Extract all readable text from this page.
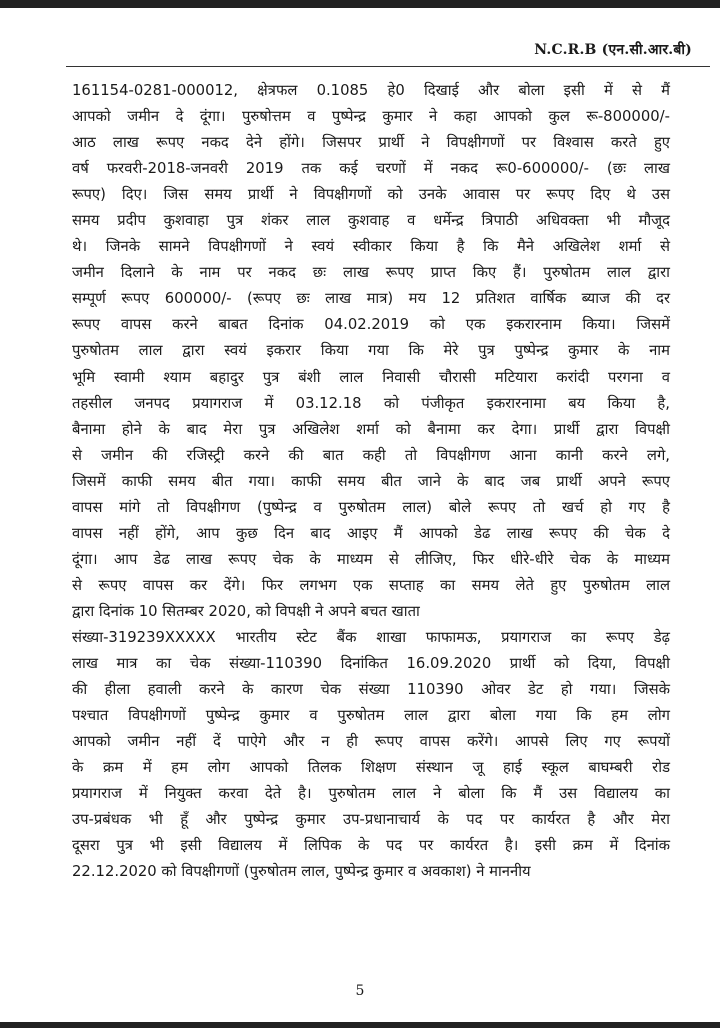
N.C.R.B (एन.सी.आर.बी)
161154-0281-000012, क्षेत्रफल 0.1085 हे0 दिखाई और बोला इसी में से मैं
आपको जमीन दे दूंगा। पुरुषोत्तम व पुष्पेन्द्र कुमार ने कहा आपको कुल रू-800000/-
आठ लाख रूपए नकद देने होंगे। जिसपर प्रार्थी ने विपक्षीगणों पर विश्वास करते हुए
वर्ष फरवरी-2018-जनवरी 2019 तक कई चरणों में नकद रू0-600000/- (छः लाख
रूपए) दिए। जिस समय प्रार्थी ने विपक्षीगणों को उनके आवास पर रूपए दिए थे उस
समय प्रदीप कुशवाहा पुत्र शंकर लाल कुशवाह व धर्मेन्द्र त्रिपाठी अधिवक्ता भी मौजूद
थे। जिनके सामने विपक्षीगणों ने स्वयं स्वीकार किया है कि मैने अखिलेश शर्मा से
जमीन दिलाने के नाम पर नकद छः लाख रूपए प्राप्त किए हैं। पुरुषोतम लाल द्वारा
सम्पूर्ण रूपए 600000/- (रूपए छः लाख मात्र) मय 12 प्रतिशत वार्षिक ब्याज की दर
रूपए वापस करने बाबत दिनांक 04.02.2019 को एक इकरारनाम किया। जिसमें
पुरुषोतम लाल द्वारा स्वयं इकरार किया गया कि मेरे पुत्र पुष्पेन्द्र कुमार के नाम
भूमि स्वामी श्याम बहादुर पुत्र बंशी लाल निवासी चौरासी मटियारा करांदी परगना व
तहसील जनपद प्रयागराज में 03.12.18 को पंजीकृत इकरारनामा बय किया है,
बैनामा होने के बाद मेरा पुत्र अखिलेश शर्मा को बैनामा कर देगा। प्रार्थी द्वारा विपक्षी
से जमीन की रजिस्ट्री करने की बात कही तो विपक्षीगण आना कानी करने लगे,
जिसमें काफी समय बीत गया। काफी समय बीत जाने के बाद जब प्रार्थी अपने रूपए
वापस मांगे तो विपक्षीगण (पुष्पेन्द्र व पुरुषोतम लाल) बोले रूपए तो खर्च हो गए है
वापस नहीं होंगे, आप कुछ दिन बाद आइए मैं आपको डेढ लाख रूपए की चेक दे
दूंगा। आप डेढ लाख रूपए चेक के माध्यम से लीजिए, फिर धीरे-धीरे चेक के माध्यम
से रूपए वापस कर देंगे। फिर लगभग एक सप्ताह का समय लेते हुए पुरुषोतम लाल
द्वारा दिनांक 10 सितम्बर 2020, को विपक्षी ने अपने बचत खाता
संख्या-319239XXXXX भारतीय स्टेट बैंक शाखा फाफामऊ, प्रयागराज का रूपए डेढ़
लाख मात्र का चेक संख्या-110390 दिनांकित 16.09.2020 प्रार्थी को दिया, विपक्षी
की हीला हवाली करने के कारण चेक संख्या 110390 ओवर डेट हो गया। जिसके
पश्चात विपक्षीगणों पुष्पेन्द्र कुमार व पुरुषोतम लाल द्वारा बोला गया कि हम लोग
आपको जमीन नहीं दें पाऐगे और न ही रूपए वापस करेंगे। आपसे लिए गए रूपयों
के क्रम में हम लोग आपको तिलक शिक्षण संस्थान जू हाई स्कूल बाघम्बरी रोड
प्रयागराज में नियुक्त करवा देते है। पुरुषोतम लाल ने बोला कि मैं उस विद्यालय का
उप-प्रबंधक भी हूँ और पुष्पेन्द्र कुमार उप-प्रधानाचार्य के पद पर कार्यरत है और मेरा
दूसरा पुत्र भी इसी विद्यालय में लिपिक के पद पर कार्यरत है। इसी क्रम में दिनांक
22.12.2020 को विपक्षीगणों (पुरुषोतम लाल, पुष्पेन्द्र कुमार व अवकाश) ने माननीय
5
